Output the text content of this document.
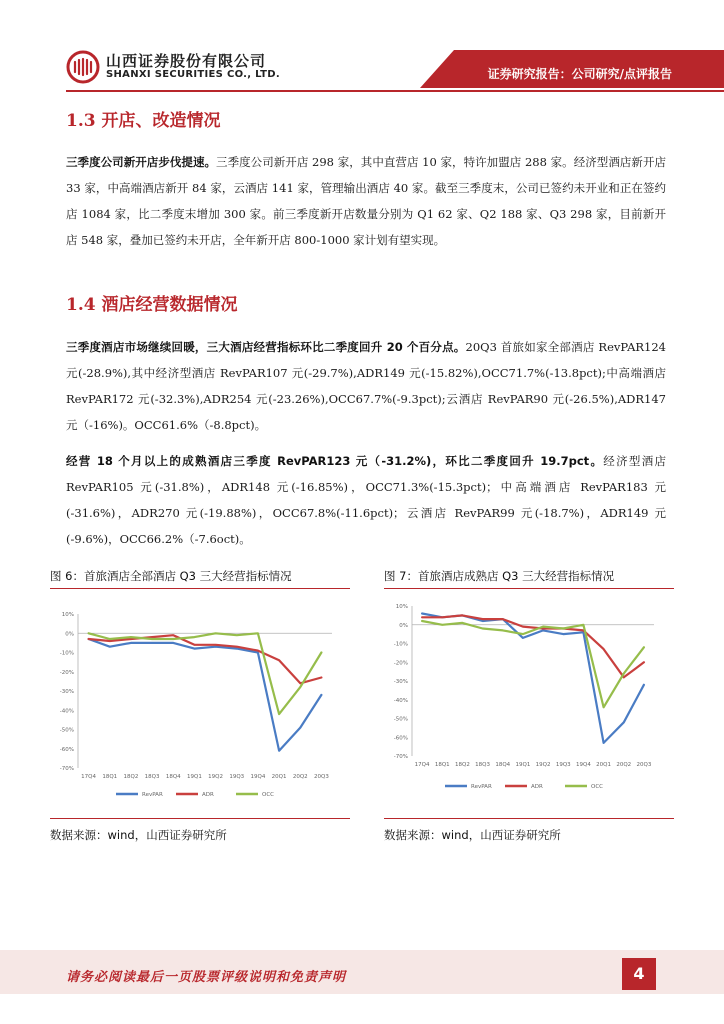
山西证券股份有限公司
SHANXI SECURITIES CO., LTD.	证券研究报告：公司研究/点评报告
1.3 开店、改造情况
三季度公司新开店步伐提速。三季度公司新开店 298 家，其中直营店 10 家，特许加盟店 288 家。经济型酒店新开店 33 家，中高端酒店新开 84 家，云酒店 141 家，管理输出酒店 40 家。截至三季度末，公司已签约未开业和正在签约店 1084 家，比二季度末增加 300 家。前三季度新开店数量分别为 Q1 62 家、Q2 188 家、Q3 298 家，目前新开店 548 家，叠加已签约未开店，全年新开店 800-1000 家计划有望实现。
1.4 酒店经营数据情况
三季度酒店市场继续回暖，三大酒店经营指标环比二季度回升 20 个百分点。20Q3 首旅如家全部酒店 RevPAR124 元(-28.9%),其中经济型酒店 RevPAR107 元(-29.7%),ADR149 元(-15.82%),OCC71.7%(-13.8pct);中高端酒店 RevPAR172 元(-32.3%),ADR254 元(-23.26%),OCC67.7%(-9.3pct);云酒店 RevPAR90 元(-26.5%),ADR147 元（-16%)。OCC61.6%（-8.8pct)。
经营 18 个月以上的成熟酒店三季度 RevPAR123 元（-31.2%)，环比二季度回升 19.7pct。经济型酒店 RevPAR105 元(-31.8%)，ADR148 元(-16.85%)，OCC71.3%(-15.3pct)；中高端酒店 RevPAR183 元(-31.6%)，ADR270 元(-19.88%)，OCC67.8%(-11.6pct)；云酒店 RevPAR99 元(-18.7%)，ADR149 元(-9.6%)，OCC66.2%（-7.6oct)。
图 6：首旅酒店全部酒店 Q3 三大经营指标情况	图 7：首旅酒店成熟店 Q3 三大经营指标情况
10%
0%
-10%
-20%
-30%
-40%
-50%
-60%
-70%
17Q4 18Q1 18Q2 18Q3 18Q4 19Q1 19Q2 19Q3 19Q4 20Q1 20Q2 20Q3
RevPAR	ADR	OCC
10%
0%
-10%
-20%
-30%
-40%
-50%
-60%
-70%
17Q4 18Q1 18Q2 18Q3 18Q4 19Q1 19Q2 19Q3 19Q4 20Q1 20Q2 20Q3
RevPAR	ADR	OCC
数据来源：wind，山西证券研究所	数据来源：wind，山西证券研究所
请务必阅读最后一页股票评级说明和免责声明	4
